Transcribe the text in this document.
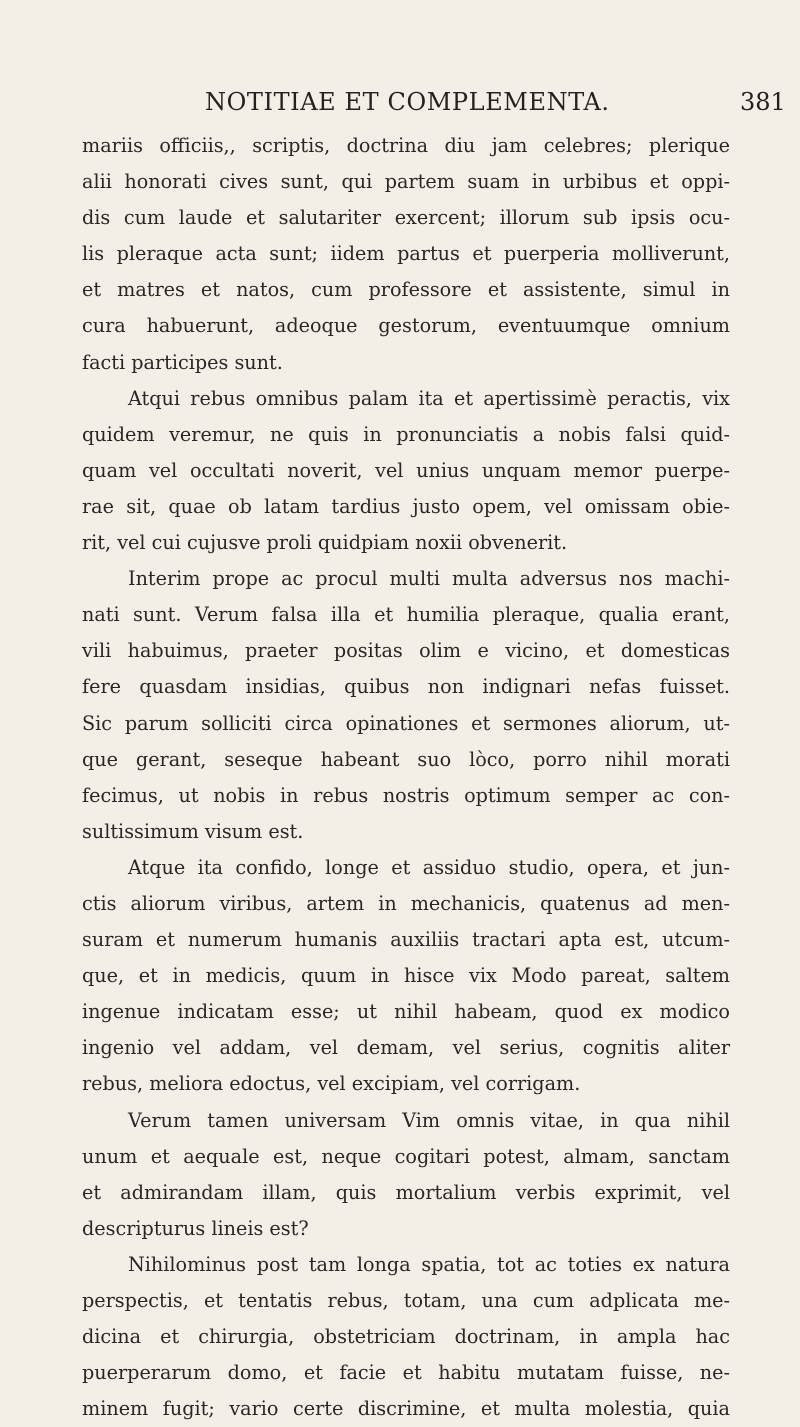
NOTITIAE ET COMPLEMENTA.	381
mariis officiis,, scriptis, doctrina diu jam celebres; plerique
alii honorati cives sunt, qui partem suam in urbibus et oppi-
dis cum laude et salutariter exercent; illorum sub ipsis ocu-
lis pleraque acta sunt; iidem partus et puerperia molliverunt,
et matres et natos, cum professore et assistente, simul in
cura habuerunt, adeoque gestorum, eventuumque omnium
facti participes sunt.
Atqui rebus omnibus palam ita et apertissimè peractis, vix
quidem veremur, ne quis in pronunciatis a nobis falsi quid-
quam vel occultati noverit, vel unius unquam memor puerpe-
rae sit, quae ob latam tardius justo opem, vel omissam obie-
rit, vel cui cujusve proli quidpiam noxii obvenerit.
Interim prope ac procul multi multa adversus nos machi-
nati sunt. Verum falsa illa et humilia pleraque, qualia erant,
vili habuimus, praeter positas olim e vicino, et domesticas
fere quasdam insidias, quibus non indignari nefas fuisset.
Sic parum solliciti circa opinationes et sermones aliorum, ut-
que gerant, seseque habeant suo lòco, porro nihil morati
fecimus, ut nobis in rebus nostris optimum semper ac con-
sultissimum visum est.
Atque ita confido, longe et assiduo studio, opera, et jun-
ctis aliorum viribus, artem in mechanicis, quatenus ad men-
suram et numerum humanis auxiliis tractari apta est, utcum-
que, et in medicis, quum in hisce vix Modo pareat, saltem
ingenue indicatam esse; ut nihil habeam, quod ex modico
ingenio vel addam, vel demam, vel serius, cognitis aliter
rebus, meliora edoctus, vel excipiam, vel corrigam.
Verum tamen universam Vim omnis vitae, in qua nihil
unum et aequale est, neque cogitari potest, almam, sanctam
et admirandam illam, quis mortalium verbis exprimit, vel
descripturus lineis est?
Nihilominus post tam longa spatia, tot ac toties ex natura
perspectis, et tentatis rebus, totam, una cum adplicata me-
dicina et chirurgia, obstetriciam doctrinam, in ampla hac
puerperarum domo, et facie et habitu mutatam fuisse, ne-
minem fugit; vario certe discrimine, et multa molestia, quia
